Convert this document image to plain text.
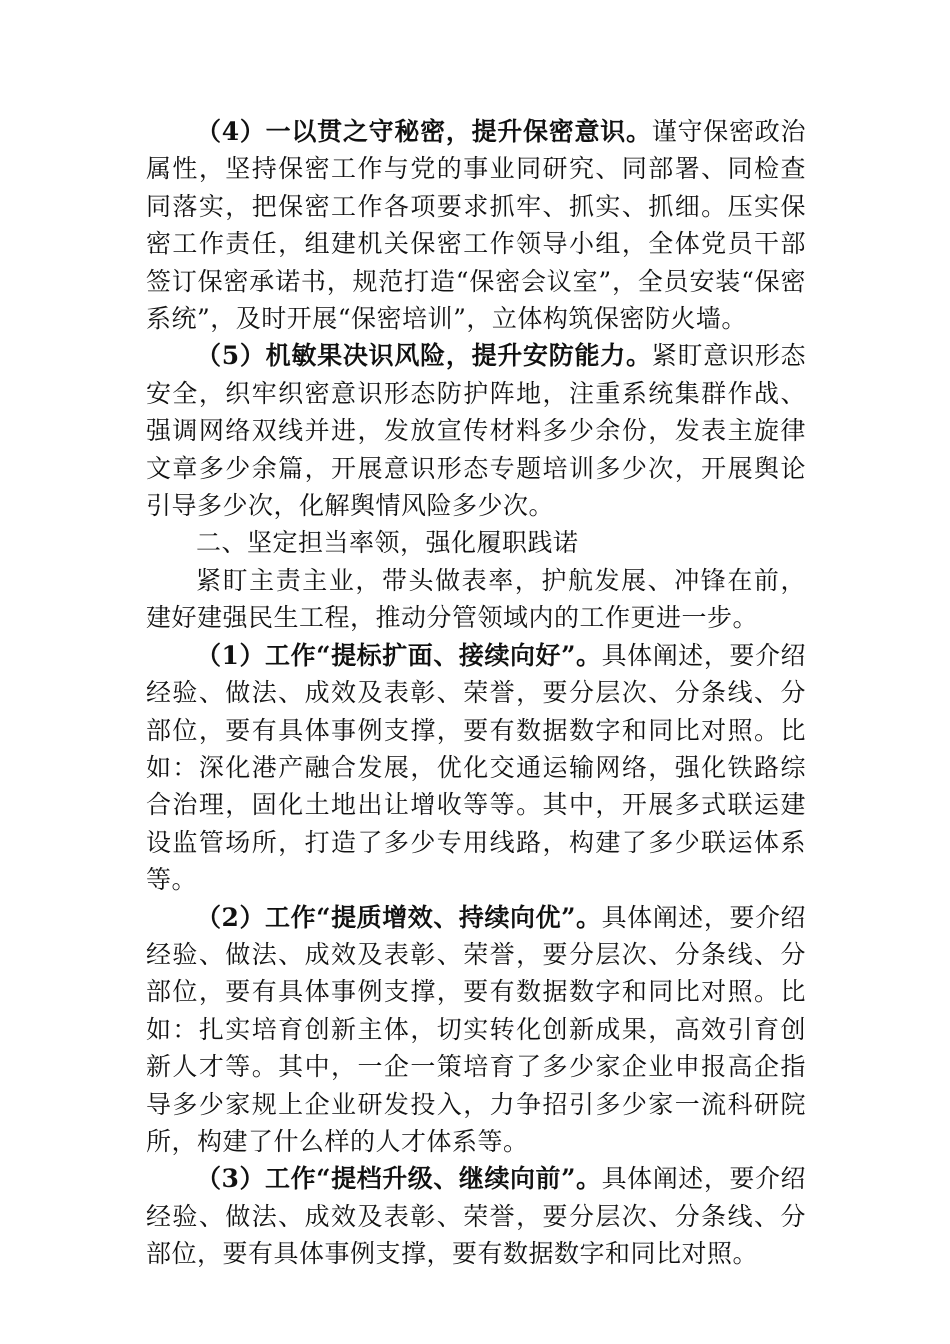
（4）一以贯之守秘密，提升保密意识。谨守保密政治属性，坚持保密工作与党的事业同研究、同部署、同检查同落实，把保密工作各项要求抓牢、抓实、抓细。压实保密工作责任，组建机关保密工作领导小组，全体党员干部签订保密承诺书，规范打造“保密会议室”，全员安装“保密系统”，及时开展“保密培训”，立体构筑保密防火墙。

（5）机敏果决识风险，提升安防能力。紧盯意识形态安全，织牢织密意识形态防护阵地，注重系统集群作战、强调网络双线并进，发放宣传材料多少余份，发表主旋律文章多少余篇，开展意识形态专题培训多少次，开展舆论引导多少次，化解舆情风险多少次。

二、坚定担当率领，强化履职践诺

紧盯主责主业，带头做表率，护航发展、冲锋在前，建好建强民生工程，推动分管领域内的工作更进一步。

（1）工作“提标扩面、接续向好”。具体阐述，要介绍经验、做法、成效及表彰、荣誉，要分层次、分条线、分部位，要有具体事例支撑，要有数据数字和同比对照。比如：深化港产融合发展，优化交通运输网络，强化铁路综合治理，固化土地出让增收等等。其中，开展多式联运建设监管场所，打造了多少专用线路，构建了多少联运体系等。

（2）工作“提质增效、持续向优”。具体阐述，要介绍经验、做法、成效及表彰、荣誉，要分层次、分条线、分部位，要有具体事例支撑，要有数据数字和同比对照。比如：扎实培育创新主体，切实转化创新成果，高效引育创新人才等。其中，一企一策培育了多少家企业申报高企指导多少家规上企业研发投入，力争招引多少家一流科研院所，构建了什么样的人才体系等。

（3）工作“提档升级、继续向前”。具体阐述，要介绍经验、做法、成效及表彰、荣誉，要分层次、分条线、分部位，要有具体事例支撑，要有数据数字和同比对照。
